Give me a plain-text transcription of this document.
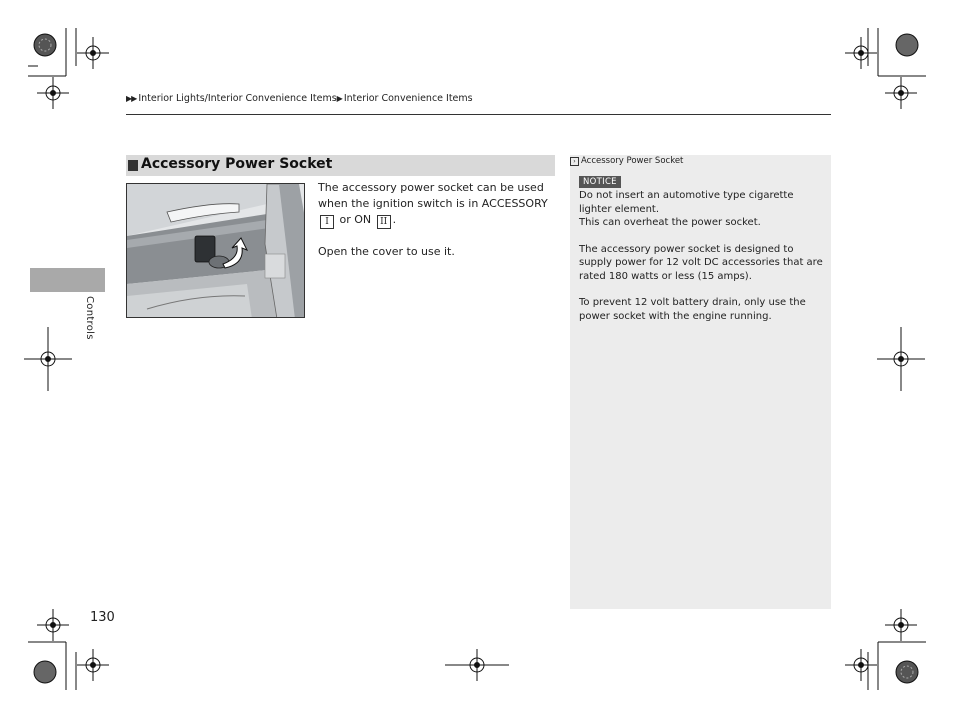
▶▶ Interior Lights/Interior Convenience Items▶ Interior Convenience Items
Controls
Accessory Power Socket

The accessory power socket can be used when the ignition switch is in ACCESSORY I or ON II .

Open the cover to use it.

› Accessory Power Socket
NOTICE

Do not insert an automotive type cigarette lighter element.
This can overheat the power socket.

The accessory power socket is designed to supply power for 12 volt DC accessories that are rated 180 watts or less (15 amps).

To prevent 12 volt battery drain, only use the power socket with the engine running.

130
